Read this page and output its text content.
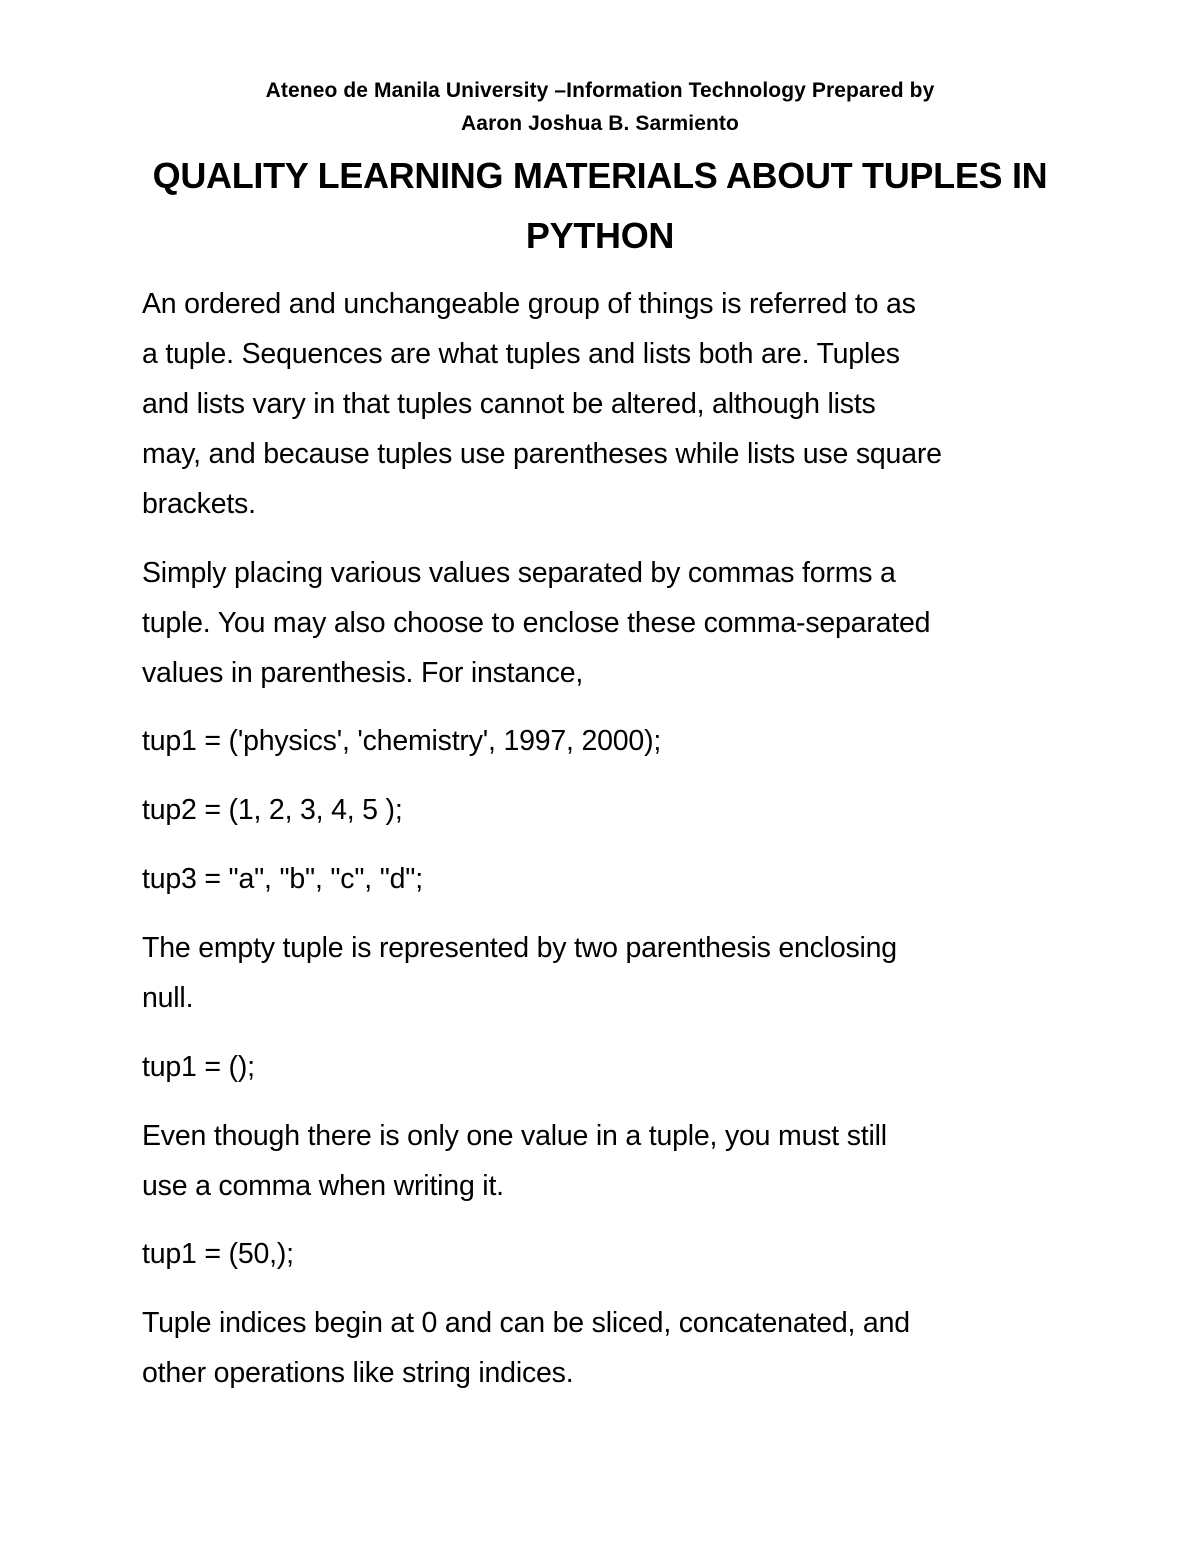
Ateneo de Manila University –Information Technology Prepared by
Aaron Joshua B. Sarmiento
QUALITY LEARNING MATERIALS ABOUT TUPLES IN
PYTHON
An ordered and unchangeable group of things is referred to as
a tuple. Sequences are what tuples and lists both are. Tuples
and lists vary in that tuples cannot be altered, although lists
may, and because tuples use parentheses while lists use square
brackets.
Simply placing various values separated by commas forms a
tuple. You may also choose to enclose these comma-separated
values in parenthesis. For instance,
tup1 = ('physics', 'chemistry', 1997, 2000);
tup2 = (1, 2, 3, 4, 5 );
tup3 = "a", "b", "c", "d";
The empty tuple is represented by two parenthesis enclosing
null.
tup1 = ();
Even though there is only one value in a tuple, you must still
use a comma when writing it.
tup1 = (50,);
Tuple indices begin at 0 and can be sliced, concatenated, and
other operations like string indices.
